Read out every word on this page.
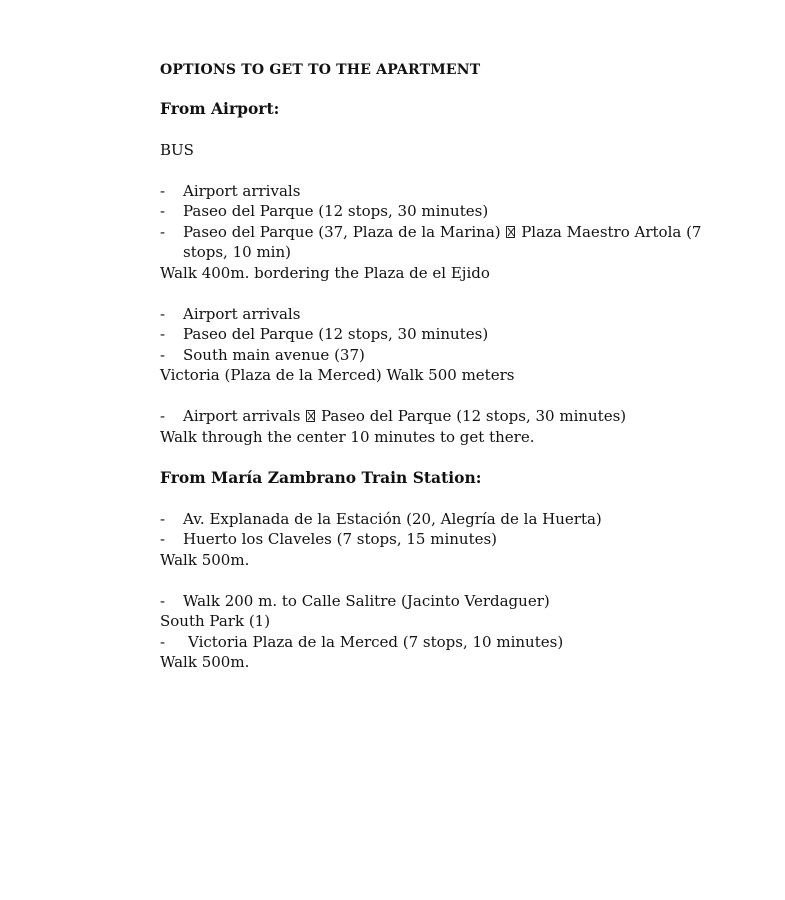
OPTIONS TO GET TO THE APARTMENT

From Airport:

BUS

- Airport arrivals

- Paseo del Parque (12 stops, 30 minutes)

- Paseo del Parque (37, Plaza de la Marina) Plaza Maestro Artola (7 stops, 10 min)

Walk 400m. bordering the Plaza de el Ejido

- Airport arrivals

- Paseo del Parque (12 stops, 30 minutes)

- South main avenue (37)

Victoria (Plaza de la Merced) Walk 500 meters

- Airport arrivals Paseo del Parque (12 stops, 30 minutes)

Walk through the center 10 minutes to get there.

From María Zambrano Train Station:

- Av. Explanada de la Estación (20, Alegría de la Huerta)

- Huerto los Claveles (7 stops, 15 minutes)

Walk 500m.

- Walk 200 m. to Calle Salitre (Jacinto Verdaguer)

South Park (1)

- Victoria Plaza de la Merced (7 stops, 10 minutes)

Walk 500m.
